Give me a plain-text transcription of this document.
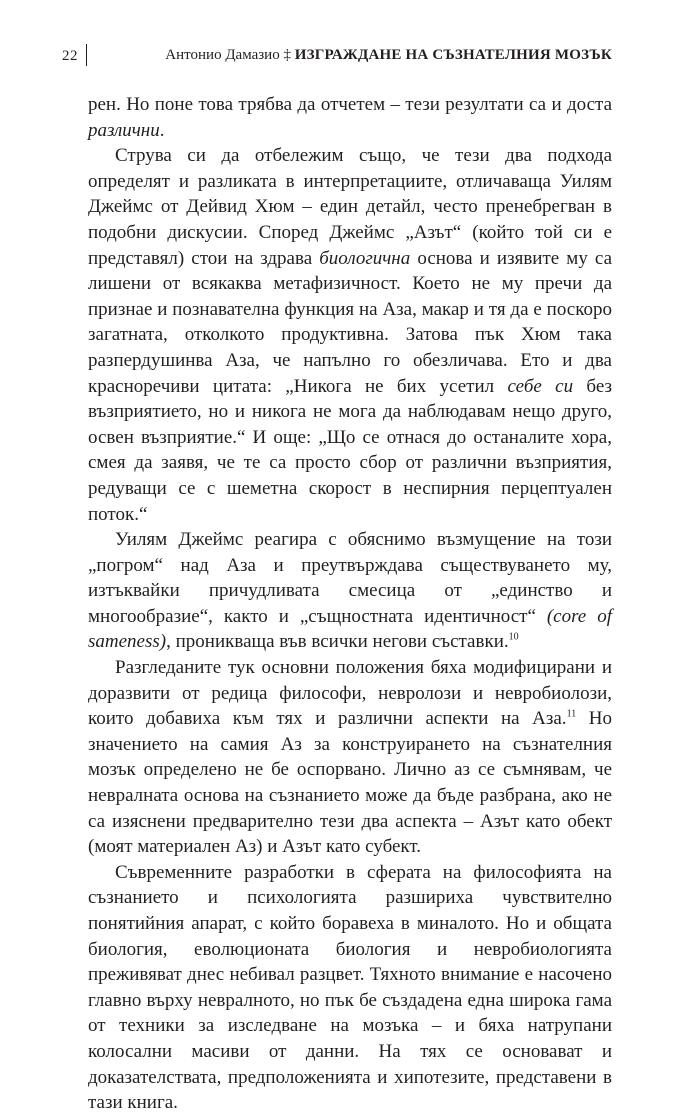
22	Антонио Дамазио ‡ ИЗГРАЖДАНЕ НА СЪЗНАТЕЛНИЯ МОЗЪК

рен. Но поне това трябва да отчетем – тези резултати са и доста различни.

Струва си да отбележим също, че тези два подхода определят и разликата в интерпретациите, отличаваща Уилям Джеймс от Дейвид Хюм – един детайл, често пренебрегван в подобни дискусии. Според Джеймс „Азът“ (който той си е представял) стои на здрава биологична основа и изявите му са лишени от всякаква метафизичност. Което не му пречи да признае и познавателна функция на Аза, макар и тя да е поскоро загатната, отколкото продуктивна. Затова пък Хюм така разпердушинва Аза, че напълно го обезличава. Ето и два красноречиви цитата: „Никога не бих усетил себе си без възприятието, но и никога не мога да наблюдавам нещо друго, освен възприятие.“ И още: „Що се отнася до останалите хора, смея да заявя, че те са просто сбор от различни възприятия, редуващи се с шеметна скорост в неспирния перцептуален поток.“

Уилям Джеймс реагира с обяснимо възмущение на този „погром“ над Аза и преутвърждава съществуването му, изтъквайки причудливата смесица от „единство и многообразие“, както и „същностната идентичност“ (core of sameness), проникваща във всички негови съставки.$^{10}$

Разгледаните тук основни положения бяха модифицирани и доразвити от редица философи, невролози и невробиолози, които добавиха към тях и различни аспекти на Аза.$^{11}$ Но значението на самия Аз за конструирането на съзнателния мозък определено не бе оспорвано. Лично аз се съмнявам, че невралната основа на съзнанието може да бъде разбрана, ако не са изяснени предварително тези два аспекта – Азът като обект (моят материален Аз) и Азът като субект.

Съвременните разработки в сферата на философията на съзнанието и психологията разшириха чувствително понятийния апарат, с който боравеха в миналото. Но и общата биология, еволюционата биология и невробиологията преживяват днес небивал разцвет. Тяхното внимание е насочено главно върху невралното, но пък бе създадена една широка гама от техники за изследване на мозъка – и бяха натрупани колосални масиви от данни. На тях се основават и доказателствата, предположенията и хипотезите, представени в тази книга.
